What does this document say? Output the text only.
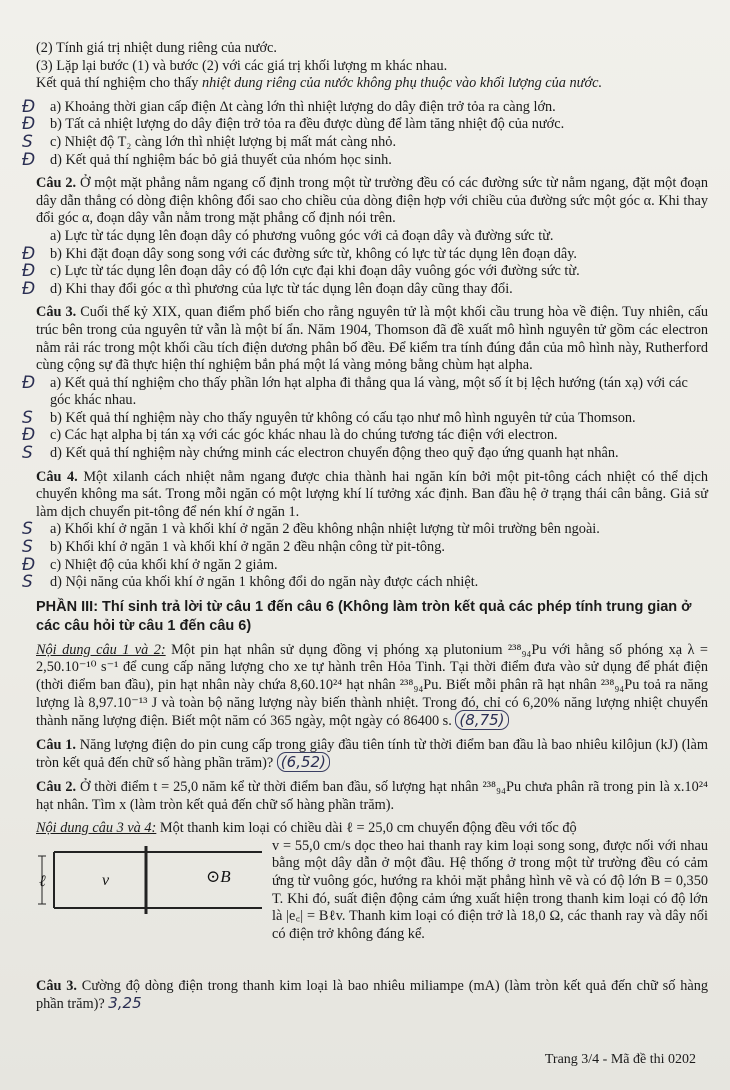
(2) Tính giá trị nhiệt dung riêng của nước.

(3) Lặp lại bước (1) và bước (2) với các giá trị khối lượng m khác nhau.

Kết quả thí nghiệm cho thấy nhiệt dung riêng của nước không phụ thuộc vào khối lượng của nước.

Đ	a) Khoảng thời gian cấp điện Δt càng lớn thì nhiệt lượng do dây điện trở tỏa ra càng lớn.

Đ	b) Tất cả nhiệt lượng do dây điện trở tỏa ra đều được dùng để làm tăng nhiệt độ của nước.

S	c) Nhiệt độ T₂ càng lớn thì nhiệt lượng bị mất mát càng nhỏ.

Đ	d) Kết quả thí nghiệm bác bỏ giả thuyết của nhóm học sinh.

Câu 2. Ở một mặt phẳng nằm ngang cố định trong một từ trường đều có các đường sức từ nằm ngang, đặt một đoạn dây dẫn thẳng có dòng điện không đổi sao cho chiều của dòng điện hợp với chiều của đường sức một góc α. Khi thay đổi góc α, đoạn dây vẫn nằm trong mặt phẳng cố định nói trên.

a) Lực từ tác dụng lên đoạn dây có phương vuông góc với cả đoạn dây và đường sức từ.

Đ	b) Khi đặt đoạn dây song song với các đường sức từ, không có lực từ tác dụng lên đoạn dây.

Đ	c) Lực từ tác dụng lên đoạn dây có độ lớn cực đại khi đoạn dây vuông góc với đường sức từ.

Đ	d) Khi thay đổi góc α thì phương của lực từ tác dụng lên đoạn dây cũng thay đổi.

Câu 3. Cuối thế kỷ XIX, quan điểm phổ biến cho rằng nguyên tử là một khối cầu trung hòa về điện. Tuy nhiên, cấu trúc bên trong của nguyên tử vẫn là một bí ẩn. Năm 1904, Thomson đã đề xuất mô hình nguyên tử gồm các electron nằm rải rác trong một khối cầu tích điện dương phân bố đều. Để kiểm tra tính đúng đắn của mô hình này, Rutherford cùng cộng sự đã thực hiện thí nghiệm bắn phá một lá vàng mỏng bằng chùm hạt alpha.

Đ	a) Kết quả thí nghiệm cho thấy phần lớn hạt alpha đi thẳng qua lá vàng, một số ít bị lệch hướng (tán xạ) với các góc khác nhau.

S	b) Kết quả thí nghiệm này cho thấy nguyên tử không có cấu tạo như mô hình nguyên tử của Thomson.

Đ	c) Các hạt alpha bị tán xạ với các góc khác nhau là do chúng tương tác điện với electron.

S	d) Kết quả thí nghiệm này chứng minh các electron chuyển động theo quỹ đạo ứng quanh hạt nhân.

Câu 4. Một xilanh cách nhiệt nằm ngang được chia thành hai ngăn kín bởi một pit-tông cách nhiệt có thể dịch chuyển không ma sát. Trong mỗi ngăn có một lượng khí lí tưởng xác định. Ban đầu hệ ở trạng thái cân bằng. Giả sử làm dịch chuyển pit-tông để nén khí ở ngăn 1.

S	a) Khối khí ở ngăn 1 và khối khí ở ngăn 2 đều không nhận nhiệt lượng từ môi trường bên ngoài.

S	b) Khối khí ở ngăn 1 và khối khí ở ngăn 2 đều nhận công từ pit-tông.

Đ	c) Nhiệt độ của khối khí ở ngăn 2 giảm.

S	d) Nội năng của khối khí ở ngăn 1 không đổi do ngăn này được cách nhiệt.

PHẦN III: Thí sinh trả lời từ câu 1 đến câu 6 (Không làm tròn kết quả các phép tính trung gian ở các câu hỏi từ câu 1 đến câu 6)

Nội dung câu 1 và 2: Một pin hạt nhân sử dụng đồng vị phóng xạ plutonium ²³⁸₉₄Pu với hằng số phóng xạ λ = 2,50.10⁻¹⁰ s⁻¹ để cung cấp năng lượng cho xe tự hành trên Hỏa Tinh. Tại thời điểm đưa vào sử dụng để phát điện (thời điểm ban đầu), pin hạt nhân này chứa 8,60.10²⁴ hạt nhân ²³⁸₉₄Pu. Biết mỗi phân rã hạt nhân ²³⁸₉₄Pu toả ra năng lượng là 8,97.10⁻¹³ J và toàn bộ năng lượng này biến thành nhiệt. Trong đó, chỉ có 6,20% năng lượng nhiệt chuyển thành năng lượng điện. Biết một năm có 365 ngày, một ngày có 86400 s. (8,75)

Câu 1. Năng lượng điện do pin cung cấp trong giây đầu tiên tính từ thời điểm ban đầu là bao nhiêu kilôjun (kJ) (làm tròn kết quả đến chữ số hàng phần trăm)? (6,52)

Câu 2. Ở thời điểm t = 25,0 năm kể từ thời điểm ban đầu, số lượng hạt nhân ²³⁸₉₄Pu chưa phân rã trong pin là x.10²⁴ hạt nhân. Tìm x (làm tròn kết quả đến chữ số hàng phần trăm).

Nội dung câu 3 và 4: Một thanh kim loại có chiều dài ℓ = 25,0 cm chuyển động đều với tốc độ

ℓ	v⃗	⊙B⃗

v = 55,0 cm/s dọc theo hai thanh ray kim loại song song, được nối với nhau bằng một dây dẫn ở một đầu. Hệ thống ở trong một từ trường đều có cảm ứng từ vuông góc, hướng ra khỏi mặt phẳng hình vẽ và có độ lớn B = 0,350 T. Khi đó, suất điện động cảm ứng xuất hiện trong thanh kim loại có độ lớn là |e꜀| = Bℓv. Thanh kim loại có điện trở là 18,0 Ω, các thanh ray và dây nối có điện trở không đáng kể.

Câu 3. Cường độ dòng điện trong thanh kim loại là bao nhiêu miliampe (mA) (làm tròn kết quả đến chữ số hàng phần trăm)? 3,25

Trang 3/4 - Mã đề thi 0202
